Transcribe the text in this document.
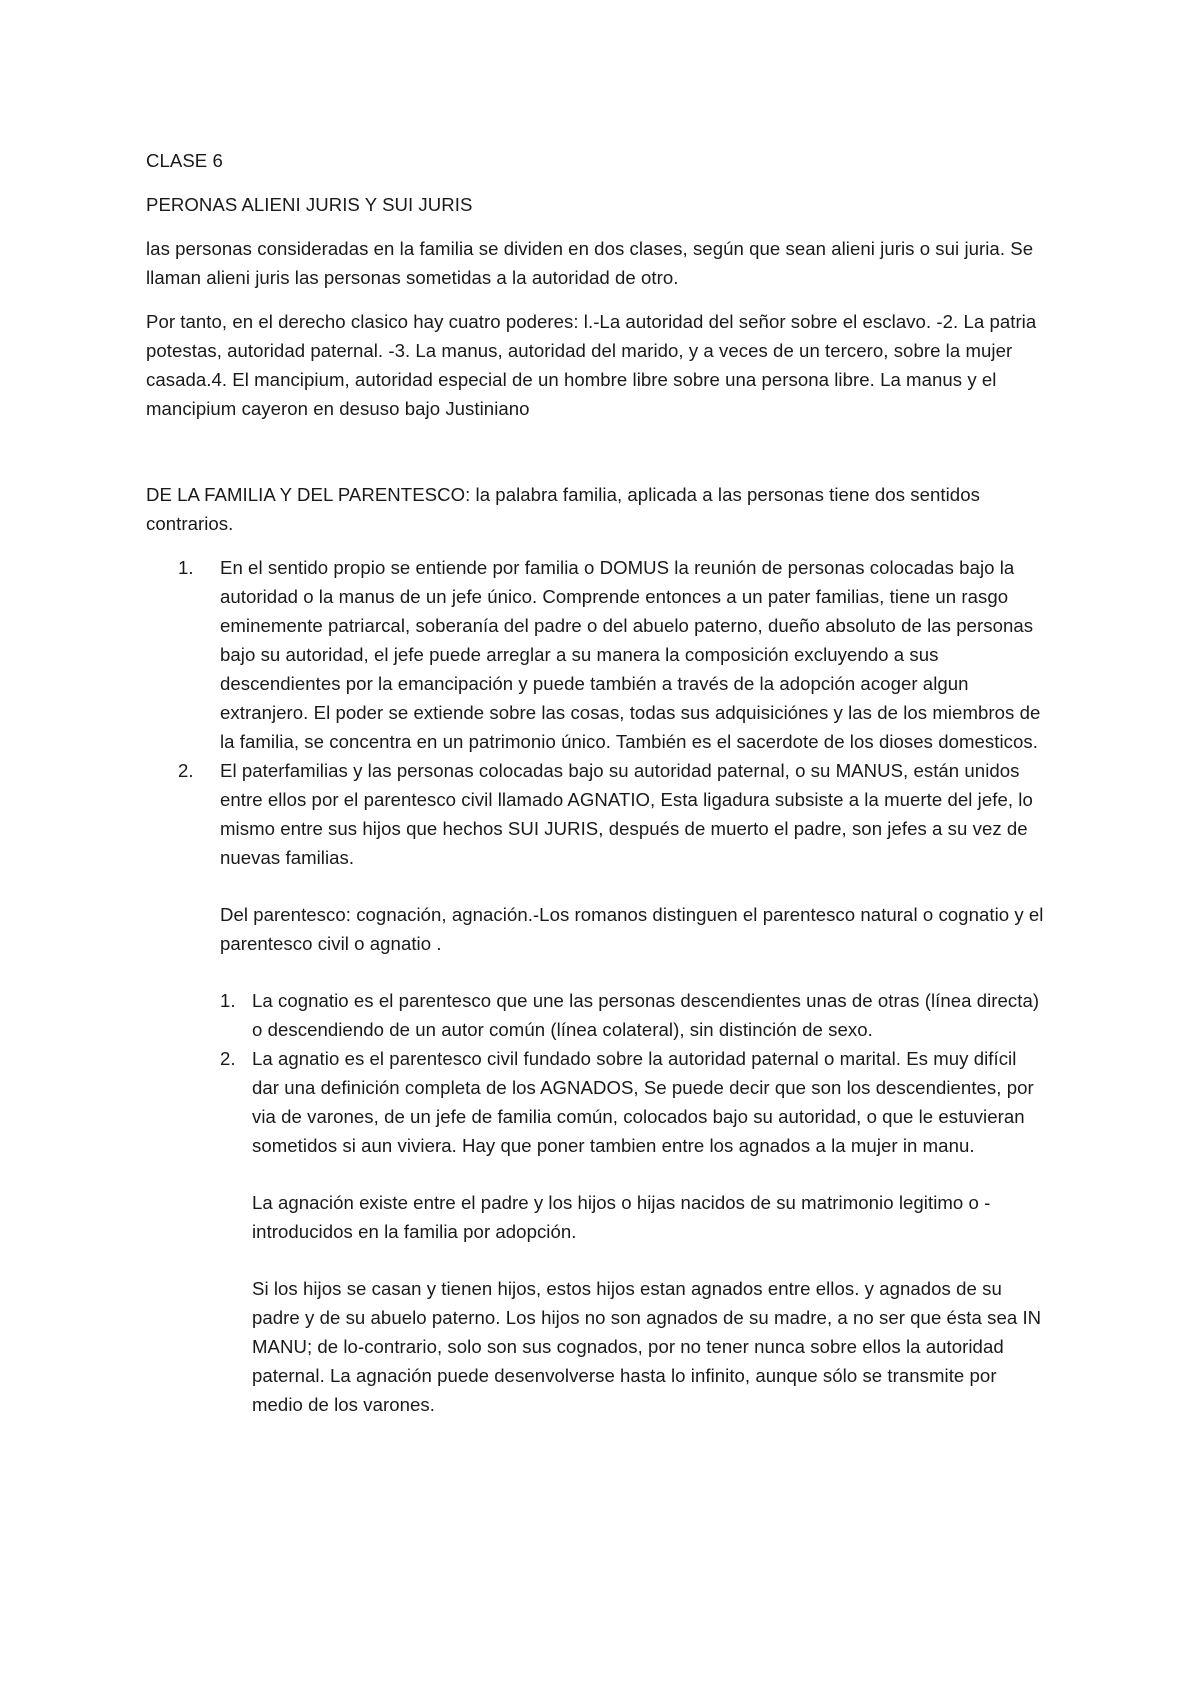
CLASE 6

PERONAS ALIENI JURIS Y SUI JURIS

las personas consideradas en la familia se dividen en dos clases, según que sean alieni juris o sui juria. Se llaman alieni juris las personas sometidas a la autoridad de otro.

Por tanto, en el derecho clasico hay cuatro poderes: l.-La autoridad del señor sobre el esclavo. -2. La patria potestas, autoridad paternal. -3. La manus, autoridad del marido, y a veces de un tercero, sobre la mujer casada.4. El mancipium, autoridad especial de un hombre libre sobre una persona libre. La manus y el mancipium cayeron en desuso bajo Justiniano

DE LA FAMILIA Y DEL PARENTESCO: la palabra familia, aplicada a las personas tiene dos sentidos contrarios.

1. En el sentido propio se entiende por familia o DOMUS la reunión de personas colocadas bajo la autoridad o la manus de un jefe único. Comprende entonces a un pater familias, tiene un rasgo eminemente patriarcal, soberanía del padre o del abuelo paterno, dueño absoluto de las personas bajo su autoridad, el jefe puede arreglar a su manera la composición excluyendo a sus descendientes por la emancipación y puede también a través de la adopción acoger algun extranjero. El poder se extiende sobre las cosas, todas sus adquisiciónes y las de los miembros de la familia, se concentra en un patrimonio único. También es el sacerdote de los dioses domesticos.
2. El paterfamilias y las personas colocadas bajo su autoridad paternal, o su MANUS, están unidos entre ellos por el parentesco civil llamado AGNATIO, Esta ligadura subsiste a la muerte del jefe, lo mismo entre sus hijos que hechos SUI JURIS, después de muerto el padre, son jefes a su vez de nuevas familias.

Del parentesco: cognación, agnación.-Los romanos distinguen el parentesco natural o cognatio y el parentesco civil o agnatio .

1. La cognatio es el parentesco que une las personas descendientes unas de otras (línea directa) o descendiendo de un autor común (línea colateral), sin distinción de sexo.
2. La agnatio es el parentesco civil fundado sobre la autoridad paternal o marital. Es muy difícil dar una definición completa de los AGNADOS, Se puede decir que son los descendientes, por via de varones, de un jefe de familia común, colocados bajo su autoridad, o que le estuvieran sometidos si aun viviera. Hay que poner tambien entre los agnados a la mujer in manu.

La agnación existe entre el padre y los hijos o hijas nacidos de su matrimonio legitimo o -introducidos en la familia por adopción.

Si los hijos se casan y tienen hijos, estos hijos estan agnados entre ellos. y agnados de su padre y de su abuelo paterno. Los hijos no son agnados de su madre, a no ser que ésta sea IN MANU; de lo-contrario, solo son sus cognados, por no tener nunca sobre ellos la autoridad paternal. La agnación puede desenvolverse hasta lo infinito, aunque sólo se transmite por medio de los varones.
